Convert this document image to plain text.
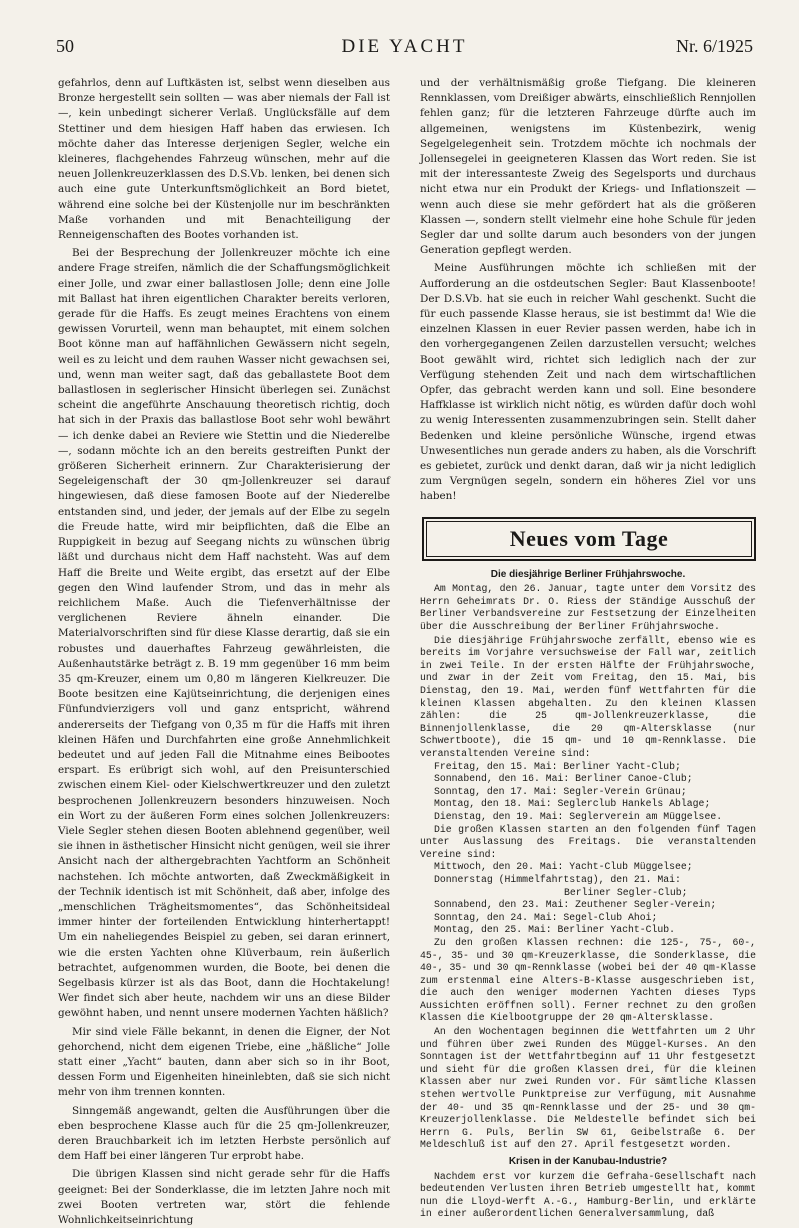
50	DIE YACHT	Nr. 6/1925

gefahrlos, denn auf Luftkästen ist, selbst wenn dieselben aus Bronze hergestellt sein sollten — was aber niemals der Fall ist —, kein unbedingt sicherer Verlaß. Unglücksfälle auf dem Stettiner und dem hiesigen Haff haben das erwiesen. Ich möchte daher das Interesse derjenigen Segler, welche ein kleineres, flachgehendes Fahrzeug wünschen, mehr auf die neuen Jollenkreuzerklassen des D.S.Vb. lenken, bei denen sich auch eine gute Unterkunftsmöglichkeit an Bord bietet, während eine solche bei der Küstenjolle nur im beschränkten Maße vorhanden und mit Benachteiligung der Renneigenschaften des Bootes vorhanden ist.

Bei der Besprechung der Jollenkreuzer möchte ich eine andere Frage streifen, nämlich die der Schaffungsmöglichkeit einer Jolle, und zwar einer ballastlosen Jolle; denn eine Jolle mit Ballast hat ihren eigentlichen Charakter bereits verloren, gerade für die Haffs. Es zeugt meines Erachtens von einem gewissen Vorurteil, wenn man behauptet, mit einem solchen Boot könne man auf haffähnlichen Gewässern nicht segeln, weil es zu leicht und dem rauhen Wasser nicht gewachsen sei, und, wenn man weiter sagt, daß das geballastete Boot dem ballastlosen in seglerischer Hinsicht überlegen sei. Zunächst scheint die angeführte Anschauung theoretisch richtig, doch hat sich in der Praxis das ballastlose Boot sehr wohl bewährt — ich denke dabei an Reviere wie Stettin und die Niederelbe —, sodann möchte ich an den bereits gestreiften Punkt der größeren Sicherheit erinnern. Zur Charakterisierung der Segeleigenschaft der 30 qm-Jollenkreuzer sei darauf hingewiesen, daß diese famosen Boote auf der Niederelbe entstanden sind, und jeder, der jemals auf der Elbe zu segeln die Freude hatte, wird mir beipflichten, daß die Elbe an Ruppigkeit in bezug auf Seegang nichts zu wünschen übrig läßt und durchaus nicht dem Haff nachsteht. Was auf dem Haff die Breite und Weite ergibt, das ersetzt auf der Elbe gegen den Wind laufender Strom, und das in mehr als reichlichem Maße. Auch die Tiefenverhältnisse der verglichenen Reviere ähneln einander. Die Materialvorschriften sind für diese Klasse derartig, daß sie ein robustes und dauerhaftes Fahrzeug gewährleisten, die Außenhautstärke beträgt z. B. 19 mm gegenüber 16 mm beim 35 qm-Kreuzer, einem um 0,80 m längeren Kielkreuzer. Die Boote besitzen eine Kajütseinrichtung, die derjenigen eines Fünfundvierzigers voll und ganz entspricht, während andererseits der Tiefgang von 0,35 m für die Haffs mit ihren kleinen Häfen und Durchfahrten eine große Annehmlichkeit bedeutet und auf jeden Fall die Mitnahme eines Beibootes erspart. Es erübrigt sich wohl, auf den Preisunterschied zwischen einem Kiel- oder Kielschwertkreuzer und den zuletzt besprochenen Jollenkreuzern besonders hinzuweisen. Noch ein Wort zu der äußeren Form eines solchen Jollenkreuzers: Viele Segler stehen diesen Booten ablehnend gegenüber, weil sie ihnen in ästhetischer Hinsicht nicht genügen, weil sie ihrer Ansicht nach der althergebrachten Yachtform an Schönheit nachstehen. Ich möchte antworten, daß Zweckmäßigkeit in der Technik identisch ist mit Schönheit, daß aber, infolge des „menschlichen Trägheitsmomentes“, das Schönheitsideal immer hinter der forteilenden Entwicklung hinterhertappt! Um ein naheliegendes Beispiel zu geben, sei daran erinnert, wie die ersten Yachten ohne Klüverbaum, rein äußerlich betrachtet, aufgenommen wurden, die Boote, bei denen die Segelbasis kürzer ist als das Boot, dann die Hochtakelung! Wer findet sich aber heute, nachdem wir uns an diese Bilder gewöhnt haben, und nennt unsere modernen Yachten häßlich?

Mir sind viele Fälle bekannt, in denen die Eigner, der Not gehorchend, nicht dem eigenen Triebe, eine „häßliche“ Jolle statt einer „Yacht“ bauten, dann aber sich so in ihr Boot, dessen Form und Eigenheiten hineinlebten, daß sie sich nicht mehr von ihm trennen konnten.

Sinngemäß angewandt, gelten die Ausführungen über die eben besprochene Klasse auch für die 25 qm-Jollenkreuzer, deren Brauchbarkeit ich im letzten Herbste persönlich auf dem Haff bei einer längeren Tur erprobt habe.

Die übrigen Klassen sind nicht gerade sehr für die Haffs geeignet: Bei der Sonderklasse, die im letzten Jahre noch mit zwei Booten vertreten war, stört die fehlende Wohnlichkeitseinrichtung

und der verhältnismäßig große Tiefgang. Die kleineren Rennklassen, vom Dreißiger abwärts, einschließlich Rennjollen fehlen ganz; für die letzteren Fahrzeuge dürfte auch im allgemeinen, wenigstens im Küstenbezirk, wenig Segelgelegenheit sein. Trotzdem möchte ich nochmals der Jollensegelei in geeigneteren Klassen das Wort reden. Sie ist mit der interessanteste Zweig des Segelsports und durchaus nicht etwa nur ein Produkt der Kriegs- und Inflationszeit — wenn auch diese sie mehr gefördert hat als die größeren Klassen —, sondern stellt vielmehr eine hohe Schule für jeden Segler dar und sollte darum auch besonders von der jungen Generation gepflegt werden.

Meine Ausführungen möchte ich schließen mit der Aufforderung an die ostdeutschen Segler: Baut Klassenboote! Der D.S.Vb. hat sie euch in reicher Wahl geschenkt. Sucht die für euch passende Klasse heraus, sie ist bestimmt da! Wie die einzelnen Klassen in euer Revier passen werden, habe ich in den vorhergegangenen Zeilen darzustellen versucht; welches Boot gewählt wird, richtet sich lediglich nach der zur Verfügung stehenden Zeit und nach dem wirtschaftlichen Opfer, das gebracht werden kann und soll. Eine besondere Haffklasse ist wirklich nicht nötig, es würden dafür doch wohl zu wenig Interessenten zusammenzubringen sein. Stellt daher Bedenken und kleine persönliche Wünsche, irgend etwas Unwesentliches nun gerade anders zu haben, als die Vorschrift es gebietet, zurück und denkt daran, daß wir ja nicht lediglich zum Vergnügen segeln, sondern ein höheres Ziel vor uns haben!

Neues vom Tage
Die diesjährige Berliner Frühjahrswoche.

Am Montag, den 26. Januar, tagte unter dem Vorsitz des Herrn Geheimrats Dr. O. Riess der Ständige Ausschuß der Berliner Verbandsvereine zur Festsetzung der Einzelheiten über die Ausschreibung der Berliner Frühjahrswoche.

Die diesjährige Frühjahrswoche zerfällt, ebenso wie es bereits im Vorjahre versuchsweise der Fall war, zeitlich in zwei Teile. In der ersten Hälfte der Frühjahrswoche, und zwar in der Zeit vom Freitag, den 15. Mai, bis Dienstag, den 19. Mai, werden fünf Wettfahrten für die kleinen Klassen abgehalten. Zu den kleinen Klassen zählen: die 25 qm-Jollenkreuzerklasse, die Binnenjollenklasse, die 20 qm-Altersklasse (nur Schwertboote), die 15 qm- und 10 qm-Rennklasse. Die veranstaltenden Vereine sind:

Freitag, den 15. Mai: Berliner Yacht-Club;
Sonnabend, den 16. Mai: Berliner Canoe-Club;
Sonntag, den 17. Mai: Segler-Verein Grünau;
Montag, den 18. Mai: Seglerclub Hankels Ablage;
Dienstag, den 19. Mai: Seglerverein am Müggelsee.

Die großen Klassen starten an den folgenden fünf Tagen unter Auslassung des Freitags. Die veranstaltenden Vereine sind:

Mittwoch, den 20. Mai: Yacht-Club Müggelsee;
Donnerstag (Himmelfahrtstag), den 21. Mai:
Berliner Segler-Club;
Sonnabend, den 23. Mai: Zeuthener Segler-Verein;
Sonntag, den 24. Mai: Segel-Club Ahoi;
Montag, den 25. Mai: Berliner Yacht-Club.

Zu den großen Klassen rechnen: die 125-, 75-, 60-, 45-, 35- und 30 qm-Kreuzerklasse, die Sonderklasse, die 40-, 35- und 30 qm-Rennklasse (wobei bei der 40 qm-Klasse zum erstenmal eine Alters-B-Klasse ausgeschrieben ist, die auch den weniger modernen Yachten dieses Typs Aussichten eröffnen soll). Ferner rechnet zu den großen Klassen die Kielbootgruppe der 20 qm-Altersklasse.

An den Wochentagen beginnen die Wettfahrten um 2 Uhr und führen über zwei Runden des Müggel-Kurses. An den Sonntagen ist der Wettfahrtbeginn auf 11 Uhr festgesetzt und sieht für die großen Klassen drei, für die kleinen Klassen aber nur zwei Runden vor. Für sämtliche Klassen stehen wertvolle Punktpreise zur Verfügung, mit Ausnahme der 40- und 35 qm-Rennklasse und der 25- und 30 qm-Kreuzerjollenklasse. Die Meldestelle befindet sich bei Herrn G. Puls, Berlin SW 61, Geibelstraße 6. Der Meldeschluß ist auf den 27. April festgesetzt worden.

Krisen in der Kanubau-Industrie?

Nachdem erst vor kurzem die Gefraha-Gesellschaft nach bedeutenden Verlusten ihren Betrieb umgestellt hat, kommt nun die Lloyd-Werft A.-G., Hamburg-Berlin, und erklärte in einer außerordentlichen Generalversammlung, daß
